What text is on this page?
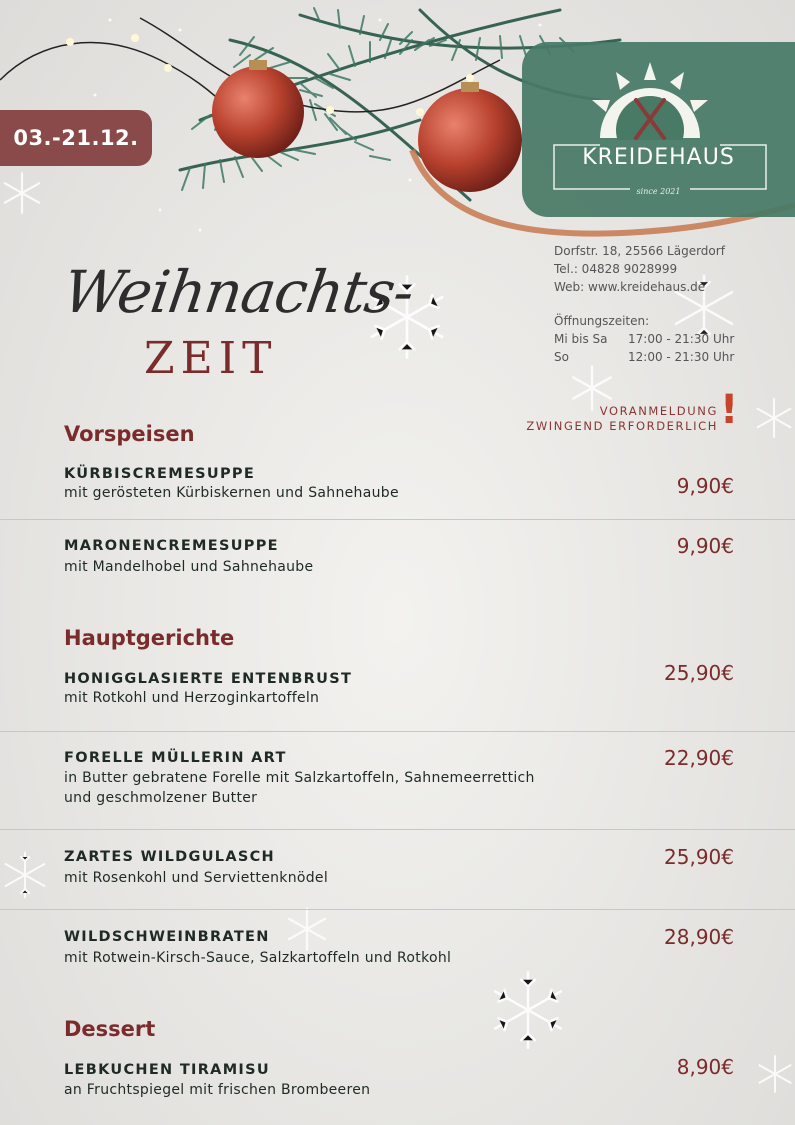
03.-21.12.
KREIDEHAUS
since 2021
Dorfstr. 18, 25566 Lägerdorf
Tel.: 04828 9028999
Web: www.kreidehaus.de
Öffnungszeiten:
Mi bis Sa 17:00 - 21:30 Uhr
So	12:00 - 21:30 Uhr
Weihnachts-
ZEIT
VORANMELDUNG
ZWINGEND ERFORDERLICH !
Vorspeisen
KÜRBISCREMESUPPE
mit gerösteten Kürbiskernen und Sahnehaube	9,90€
MARONENCREMESUPPE
mit Mandelhobel und Sahnehaube
9,90€
Hauptgerichte
HONIGGLASIERTE ENTENBRUST
mit Rotkohl und Herzoginkartoffeln
25,90€
FORELLE MÜLLERIN ART
in Butter gebratene Forelle mit Salzkartoffeln, Sahnemeerrettich
und geschmolzener Butter
22,90€
ZARTES WILDGULASCH
mit Rosenkohl und Serviettenknödel
25,90€
WILDSCHWEINBRATEN
mit Rotwein-Kirsch-Sauce, Salzkartoffeln und Rotkohl
28,90€
Dessert
LEBKUCHEN TIRAMISU
an Fruchtspiegel mit frischen Brombeeren
8,90€
